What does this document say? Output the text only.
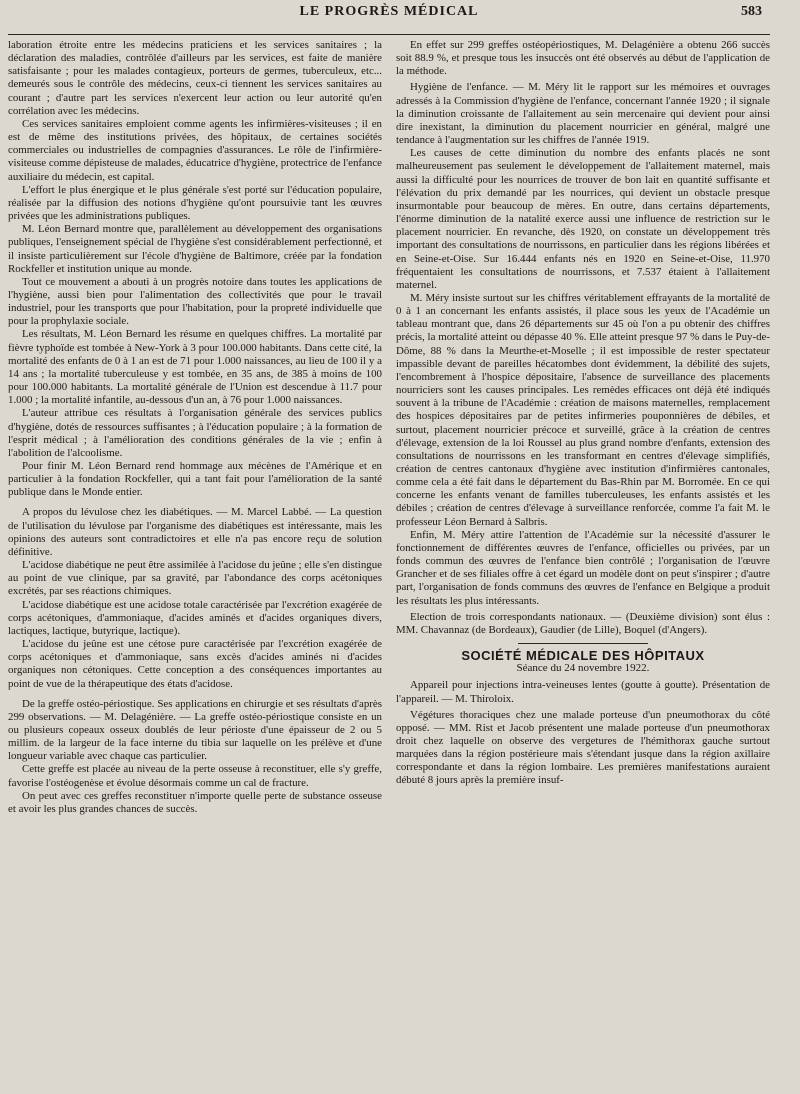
LE PROGRÈS MÉDICAL	583

laboration étroite entre les médecins praticiens et les services sanitaires ; la déclaration des maladies, contrôlée d'ailleurs par les services, est faite de manière satisfaisante ; pour les malades contagieux, porteurs de germes, tuberculeux, etc... demeurés sous le contrôle des médecins, ceux-ci tiennent les services sanitaires au courant ; d'autre part les services n'exercent leur action ou leur autorité qu'en corrélation avec les médecins.

Ces services sanitaires emploient comme agents les infirmières-visiteuses ; il en est de même des institutions privées, des hôpitaux, de certaines sociétés commerciales ou industrielles de compagnies d'assurances. Le rôle de l'infirmière-visiteuse comme dépisteuse de malades, éducatrice d'hygiène, protectrice de l'enfance auxiliaire du médecin, est capital.

L'effort le plus énergique et le plus générale s'est porté sur l'éducation populaire, réalisée par la diffusion des notions d'hygiène qu'ont poursuivie tant les œuvres privées que les administrations publiques.

M. Léon Bernard montre que, parallèlement au développement des organisations publiques, l'enseignement spécial de l'hygiène s'est considérablement perfectionné, et il insiste particulièrement sur l'école d'hygiène de Baltimore, créée par la fondation Rockfeller et institution unique au monde.

Tout ce mouvement a abouti à un progrès notoire dans toutes les applications de l'hygiène, aussi bien pour l'alimentation des collectivités que pour le travail industriel, pour les transports que pour l'habitation, pour la propreté individuelle que pour la prophylaxie sociale.

Les résultats, M. Léon Bernard les résume en quelques chiffres. La mortalité par fièvre typhoïde est tombée à New-York à 3 pour 100.000 habitants. Dans cette cité, la mortalité des enfants de 0 à 1 an est de 71 pour 1.000 naissances, au lieu de 100 il y a 14 ans ; la mortalité tuberculeuse y est tombée, en 35 ans, de 385 à moins de 100 pour 100.000 habitants. La mortalité générale de l'Union est descendue à 11.7 pour 1.000 ; la mortalité infantile, au-dessous d'un an, à 76 pour 1.000 naissances.

L'auteur attribue ces résultats à l'organisation générale des services publics d'hygiène, dotés de ressources suffisantes ; à l'éducation populaire ; à la formation de l'esprit médical ; à l'amélioration des conditions générales de la vie ; enfin à l'abolition de l'alcoolisme.

Pour finir M. Léon Bernard rend hommage aux mécènes de l'Amérique et en particulier à la fondation Rockfeller, qui a tant fait pour l'amélioration de la santé publique dans le Monde entier.

A propos du lévulose chez les diabétiques. — M. Marcel Labbé. — La question de l'utilisation du lévulose par l'organisme des diabétiques est intéressante, mais les opinions des auteurs sont contradictoires et elle n'a pas encore reçu de solution définitive.

L'acidose diabétique ne peut être assimilée à l'acidose du jeûne ; elle s'en distingue au point de vue clinique, par sa gravité, par l'abondance des corps acétoniques excrétés, par ses réactions chimiques.

L'acidose diabétique est une acidose totale caractérisée par l'excrétion exagérée de corps acétoniques, d'ammoniaque, d'acides aminés et d'acides organiques divers, lactiques, lactique, butyrique, lactique).

L'acidose du jeûne est une cétose pure caractérisée par l'excrétion exagérée de corps acétoniques et d'ammoniaque, sans excès d'acides aminés ni d'acides organiques non cétoniques. Cette conception a des conséquences importantes au point de vue de la thérapeutique des états d'acidose.

De la greffe ostéo-périostique. Ses applications en chirurgie et ses résultats d'après 299 observations. — M. Delagénière. — La greffe ostéo-périostique consiste en un ou plusieurs copeaux osseux doublés de leur périoste d'une épaisseur de 2 ou 5 millim. de la largeur de la face interne du tibia sur laquelle on les prélève et d'une longueur variable avec chaque cas particulier.

Cette greffe est placée au niveau de la perte osseuse à reconstituer, elle s'y greffe, favorise l'ostéogenèse et évolue désormais comme un cal de fracture.

On peut avec ces greffes reconstituer n'importe quelle perte de substance osseuse et avoir les plus grandes chances de succès.

En effet sur 299 greffes ostéopériostiques, M. Delagénière a obtenu 266 succès soit 88.9 %, et presque tous les insuccès ont été observés au début de l'application de la méthode.

Hygiène de l'enfance. — M. Méry lit le rapport sur les mémoires et ouvrages adressés à la Commission d'hygiène de l'enfance, concernant l'année 1920 ; il signale la diminution croissante de l'allaitement au sein mercenaire qui devient pour ainsi dire inexistant, la diminution du placement nourricier en général, malgré une tendance à l'augmentation sur les chiffres de l'année 1919.

Les causes de cette diminution du nombre des enfants placés ne sont malheureusement pas seulement le développement de l'allaitement maternel, mais aussi la difficulté pour les nourrices de trouver de bon lait en quantité suffisante et l'élévation du prix demandé par les nourrices, qui devient un obstacle presque insurmontable pour beaucoup de mères. En outre, dans certains départements, l'énorme diminution de la natalité exerce aussi une influence de restriction sur le placement nourricier. En revanche, dès 1920, on constate un développement très important des consultations de nourrissons, en particulier dans les régions libérées et en Seine-et-Oise. Sur 16.444 enfants nés en 1920 en Seine-et-Oise, 11.970 fréquentaient les consultations de nourrissons, et 7.537 étaient à l'allaitement maternel.

M. Méry insiste surtout sur les chiffres véritablement effrayants de la mortalité de 0 à 1 an concernant les enfants assistés, il place sous les yeux de l'Académie un tableau montrant que, dans 26 départements sur 45 où l'on a pu obtenir des chiffres précis, la mortalité atteint ou dépasse 40 %. Elle atteint presque 97 % dans le Puy-de-Dôme, 88 % dans la Meurthe-et-Moselle ; il est impossible de rester spectateur impassible devant de pareilles hécatombes dont évidemment, la débilité des sujets, l'encombrement à l'hospice dépositaire, l'absence de surveillance des placements nourriciers sont les causes principales. Les remèdes efficaces ont déjà été indiqués souvent à la tribune de l'Académie : création de maisons maternelles, remplacement des hospices dépositaires par de petites infirmeries pouponnières de débiles, et surtout, placement nourricier précoce et surveillé, grâce à la création de centres d'élevage, extension de la loi Roussel au plus grand nombre d'enfants, extension des consultations de nourrissons en les transformant en centres d'élevage simplifiés, création de centres cantonaux d'hygiène avec institution d'infirmières cantonales, comme cela a été fait dans le département du Bas-Rhin par M. Borromée. En ce qui concerne les enfants venant de familles tuberculeuses, les enfants assistés et les débiles ; création de centres d'élevage à surveillance renforcée, comme l'a fait M. le professeur Léon Bernard à Salbris.

Enfin, M. Méry attire l'attention de l'Académie sur la nécessité d'assurer le fonctionnement de différentes œuvres de l'enfance, officielles ou privées, par un fonds commun des œuvres de l'enfance bien contrôlé ; l'organisation de l'œuvre Grancher et de ses filiales offre à cet égard un modèle dont on peut s'inspirer ; d'autre part, l'organisation de fonds communs des œuvres de l'enfance en Belgique a produit les résultats les plus intéressants.

Election de trois correspondants nationaux. — (Deuxième division) sont élus : MM. Chavannaz (de Bordeaux), Gaudier (de Lille), Boquel (d'Angers).

SOCIÉTÉ MÉDICALE DES HÔPITAUX
Séance du 24 novembre 1922.

Appareil pour injections intra-veineuses lentes (goutte à goutte). Présentation de l'appareil. — M. Thiroloix.

Végétures thoraciques chez une malade porteuse d'un pneumothorax du côté opposé. — MM. Rist et Jacob présentent une malade porteuse d'un pneumothorax droit chez laquelle on observe des vergetures de l'hémithorax gauche surtout marquées dans la région postérieure mais s'étendant jusque dans la région axillaire correspondante et dans la région lombaire. Les premières manifestations auraient débuté 8 jours après la première insuf-
